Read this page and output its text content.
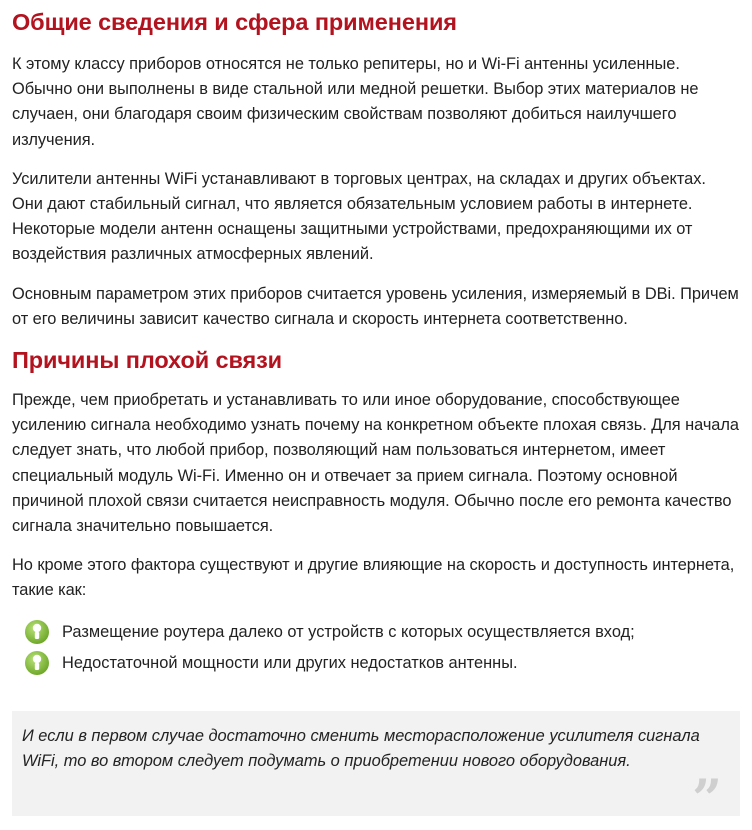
Общие сведения и сфера применения

К этому классу приборов относятся не только репитеры, но и Wi-Fi антенны усиленные. Обычно они выполнены в виде стальной или медной решетки. Выбор этих материалов не случаен, они благодаря своим физическим свойствам позволяют добиться наилучшего излучения.

Усилители антенны WiFi устанавливают в торговых центрах, на складах и других объектах. Они дают стабильный сигнал, что является обязательным условием работы в интернете. Некоторые модели антенн оснащены защитными устройствами, предохраняющими их от воздействия различных атмосферных явлений.

Основным параметром этих приборов считается уровень усиления, измеряемый в DBi. Причем от его величины зависит качество сигнала и скорость интернета соответственно.

Причины плохой связи

Прежде, чем приобретать и устанавливать то или иное оборудование, способствующее усилению сигнала необходимо узнать почему на конкретном объекте плохая связь. Для начала следует знать, что любой прибор, позволяющий нам пользоваться интернетом, имеет специальный модуль Wi-Fi. Именно он и отвечает за прием сигнала. Поэтому основной причиной плохой связи считается неисправность модуля. Обычно после его ремонта качество сигнала значительно повышается.

Но кроме этого фактора существуют и другие влияющие на скорость и доступность интернета, такие как:

Размещение роутера далеко от устройств с которых осуществляется вход;
Недостаточной мощности или других недостатков антенны.

И если в первом случае достаточно сменить месторасположение усилителя сигнала WiFi, то во втором следует подумать о приобретении нового оборудования.

”
